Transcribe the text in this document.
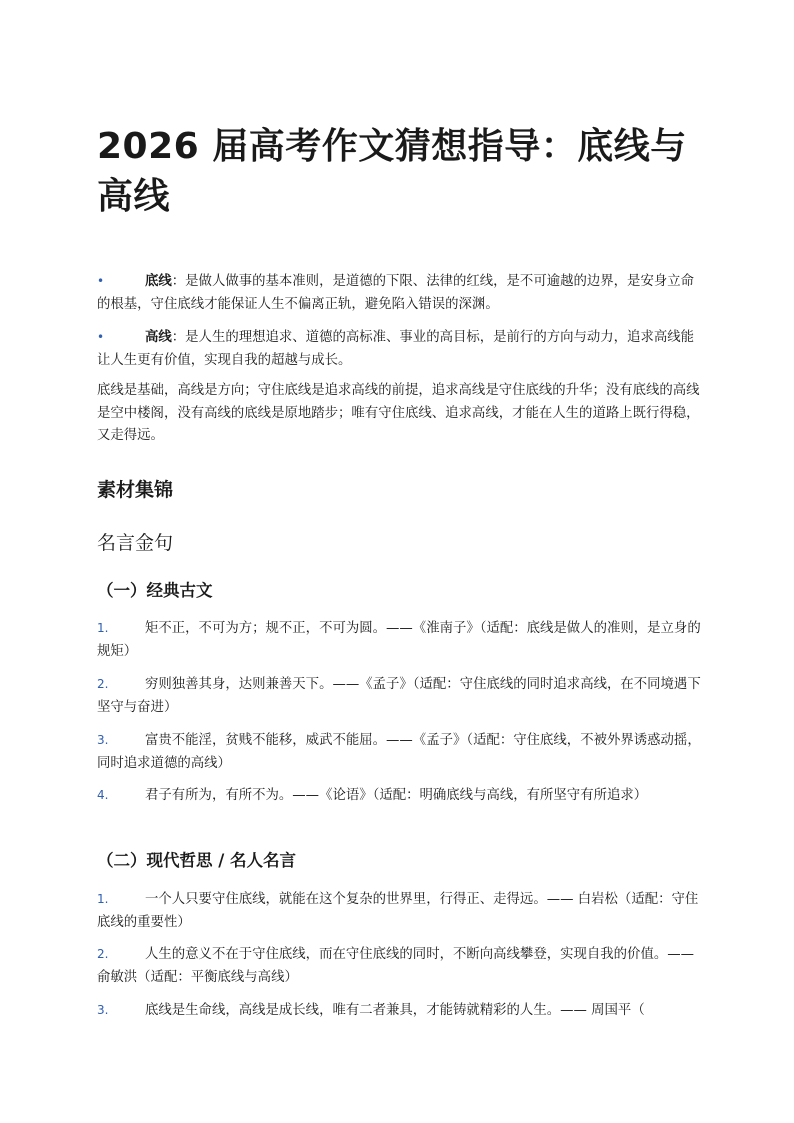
2026 届高考作文猜想指导：底线与高线
•	底线：是做人做事的基本准则，是道德的下限、法律的红线，是不可逾越的边界，是安身立命的根基，守住底线才能保证人生不偏离正轨，避免陷入错误的深渊。
•	高线：是人生的理想追求、道德的高标准、事业的高目标，是前行的方向与动力，追求高线能让人生更有价值，实现自我的超越与成长。
底线是基础，高线是方向；守住底线是追求高线的前提，追求高线是守住底线的升华；没有底线的高线是空中楼阁，没有高线的底线是原地踏步；唯有守住底线、追求高线，才能在人生的道路上既行得稳，又走得远。
素材集锦
名言金句
（一）经典古文
1.	矩不正，不可为方；规不正，不可为圆。——《淮南子》（适配：底线是做人的准则，是立身的规矩）
2.	穷则独善其身，达则兼善天下。——《孟子》（适配：守住底线的同时追求高线，在不同境遇下坚守与奋进）
3.	富贵不能淫，贫贱不能移，威武不能屈。——《孟子》（适配：守住底线，不被外界诱惑动摇，同时追求道德的高线）
4.	君子有所为，有所不为。——《论语》（适配：明确底线与高线，有所坚守有所追求）
（二）现代哲思 / 名人名言
1.	一个人只要守住底线，就能在这个复杂的世界里，行得正、走得远。—— 白岩松（适配：守住底线的重要性）
2.	人生的意义不在于守住底线，而在守住底线的同时，不断向高线攀登，实现自我的价值。—— 俞敏洪（适配：平衡底线与高线）
3.	底线是生命线，高线是成长线，唯有二者兼具，才能铸就精彩的人生。—— 周国平（
